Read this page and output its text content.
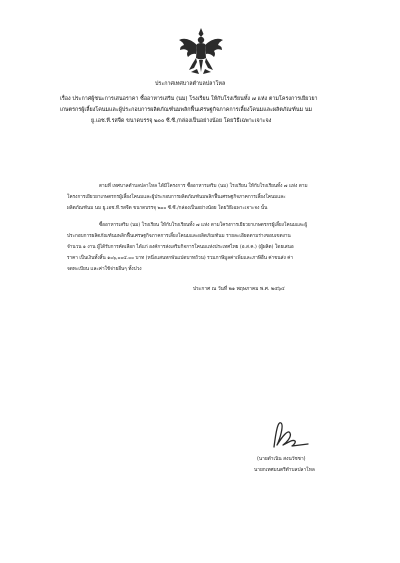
ประกาศเทศบาลตำบลปลาโหล
เรื่อง ประกาศผู้ชนะการเสนอราคา ซื้ออาหารเสริม (นม) โรงเรียน ให้กับโรงเรียนทั้ง ๗ แห่ง ตามโครงการเยียวยา
เกษตรกรผู้เลี้ยงโคนมและผู้ประกอบการผลิตภัณฑ์นมพลิกฟื้นเศรษฐกิจภาคการเลี้ยงโคนมและผลิตภัณฑ์นม นม
ยู.เอช.ที.รสจืด ขนาดบรรจุ ๒๐๐ ซี.ซี./กล่องเป็นอย่างน้อย โดยวิธีเฉพาะเจาะจง
ตามที่ เทศบาลตำบลปลาโหล ได้มีโครงการ ซื้ออาหารเสริม (นม) โรงเรียน ให้กับโรงเรียนทั้ง ๗ แห่ง ตาม
โครงการเยียวยาเกษตรกรผู้เลี้ยงโคนมและผู้ประกอบการผลิตภัณฑ์นมพลิกฟื้นเศรษฐกิจภาคการเลี้ยงโคนมและ
ผลิตภัณฑ์นม นม ยู.เอช.ที.รสจืด ขนาดบรรจุ ๒๐๐ ซี.ซี./กล่องเป็นอย่างน้อย โดยวิธีเฉพาะเจาะจง นั้น
ซื้ออาหารเสริม (นม) โรงเรียน ให้กับโรงเรียนทั้ง ๗ แห่ง ตามโครงการเยียวยาเกษตรกรผู้เลี้ยงโคนมและผู้
ประกอบการผลิตภัณฑ์นมพลิกฟื้นเศรษฐกิจภาคการเลี้ยงโคนมและผลิตภัณฑ์นม รายละเอียดตามร่างขอบเขตงาน
จำนวน ๑ งาน ผู้ได้รับการคัดเลือก ได้แก่ องค์การส่งเสริมกิจการโคนมแห่งประเทศไทย (อ.ส.ค.) (ผู้ผลิต) โดยเสนอ
ราคา เป็นเงินทั้งสิ้น ๑๐๖,๐๐๔.๐๐ บาท (หนึ่งแสนหกพันแปดบาทถ้วน) รวมภาษีมูลค่าเพิ่มและภาษีอื่น ค่าขนส่ง ค่า
จดทะเบียน และค่าใช้จ่ายอื่นๆ ทั้งปวง
ประกาศ ณ วันที่ ๒๑ พฤษภาคม พ.ศ. ๒๕๖๔
(นายดำเนิน สงนวัชชา)
นายกเทศมนตรีตำบลปลาโหล
